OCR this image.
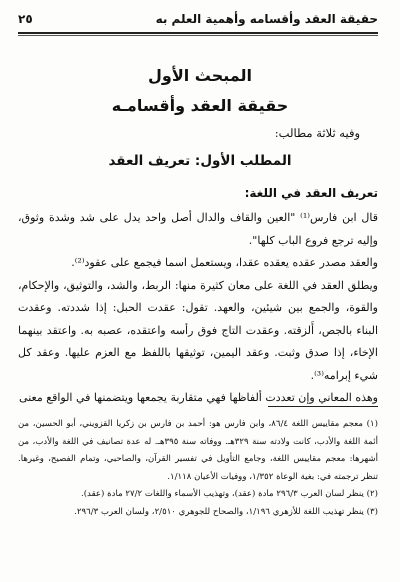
حقيقة العقد وأقسامه وأهمية العلم به
٢٥
المبحث الأول
حقيقة العقد وأقسامـه
وفيه ثلاثة مطالب:
المطلب الأول: تعريف العقد
تعريف العقد في اللغة:

قال ابن فارس⁽¹⁾ "العين والقاف والدال أصل واحد يدل على شد وشدة وثوق، وإليه ترجع فروع الباب كلها".

والعقد مصدر عقده يعقده عقدا، ويستعمل اسما فيجمع على عقود⁽²⁾.

ويطلق العقد في اللغة على معان كثيرة منها: الربط، والشد، والتوثيق، والإحكام، والقوة، والجمع بين شيئين، والعهد. تقول: عقدت الحبل: إذا شددته. وعقدت البناء بالجص، أَلزقته. وعقدت التاج فوق رأسه واعتقده، عصبه به. واعتقد بينهما الإخاء، إذا صدق وثبت. وعقد اليمين، توثيقها باللفظ مع العزم عليها. وعقد كل شيء إبرامه⁽³⁾.

وهذه المعاني وإن تعددت ألفاظها فهي متقاربة يجمعها ويتضمنها في الواقع معنى

(١) معجم مقاييس اللغة ٨٦/٤، وابن فارس هو: أحمد بن فارس بن زكريا القزويني، أبو الحسين، من أئمة اللغة والأدب، كانت ولادته سنة ٣٢٩هـ. ووفاته سنة ٣٩٥هـ. له عدة تصانيف في اللغة والأدب، من أشهرها: معجم مقاييس اللغة، وجامع التأويل في تفسير القرآن، والصاحبي، وتمام الفصيح، وغيرها. تنظر ترجمته في: بغية الوعاة ١/٣٥٢، ووفيات الأعيان ١/١١٨.

(٢) ينظر لسان العرب ٢٩٦/٣ مادة (عقد)، وتهذيب الأسماء واللغات ٢٧/٢ مادة (عقد).

(٣) ينظر تهذيب اللغة للأزهري ١/١٩٦، والصحاح للجوهري ٢/٥١٠، ولسان العرب ٢٩٦/٣.
